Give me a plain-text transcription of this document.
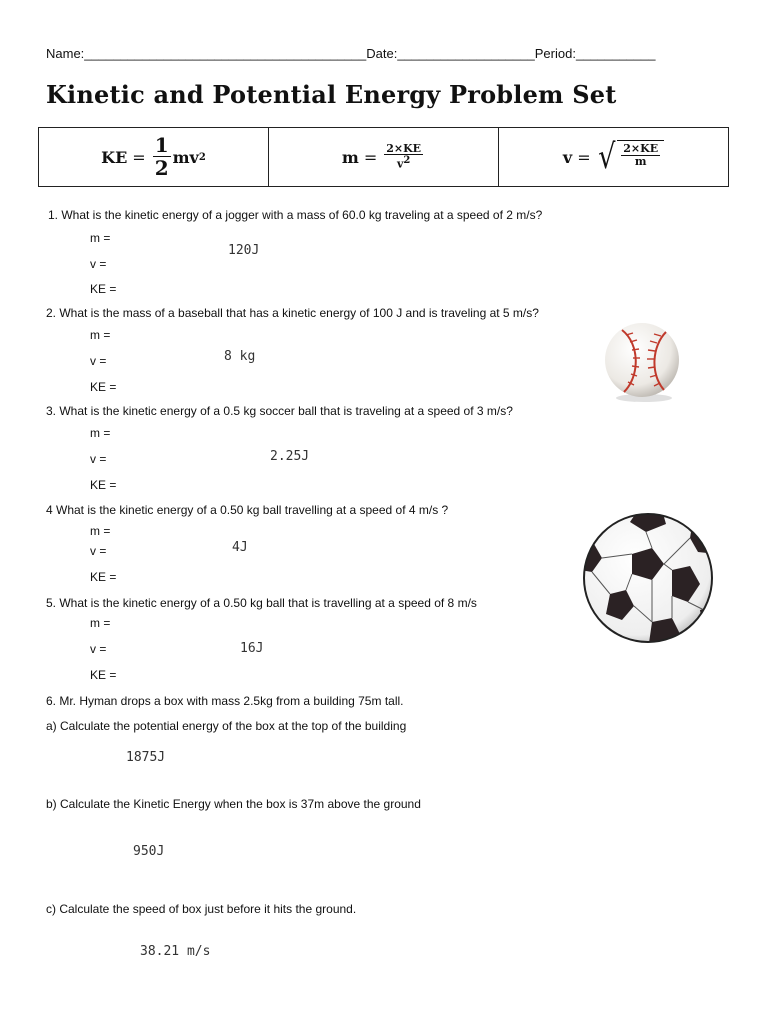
Name:_______________________________________Date:___________________Period:___________
Kinetic and Potential Energy Problem Set
KE = $\frac{1}{2}$ mv 2	$m = \frac{2\times KE}{v2}$	v = √ $\frac{2\times KE}{m}$
1. What is the kinetic energy of a jogger with a mass of 60.0 kg traveling at a speed of 2 m/s?
m =
v =
KE =
120J
2. What is the mass of a baseball that has a kinetic energy of 100 J and is traveling at 5 m/s?
m =
v =
KE =
8 kg
3. What is the kinetic energy of a 0.5 kg soccer ball that is traveling at a speed of 3 m/s?
m =
v =
KE =
2.25J
4 What is the kinetic energy of a 0.50 kg ball travelling at a speed of 4 m/s ?
m =
v =
KE =
4J
5. What is the kinetic energy of a 0.50 kg ball that is travelling at a speed of 8 m/s
m =
v =
KE =
16J
6. Mr. Hyman drops a box with mass 2.5kg from a building 75m tall.
a) Calculate the potential energy of the box at the top of the building
1875J
b) Calculate the Kinetic Energy when the box is 37m above the ground
950J
c) Calculate the speed of box just before it hits the ground.
38.21 m/s
